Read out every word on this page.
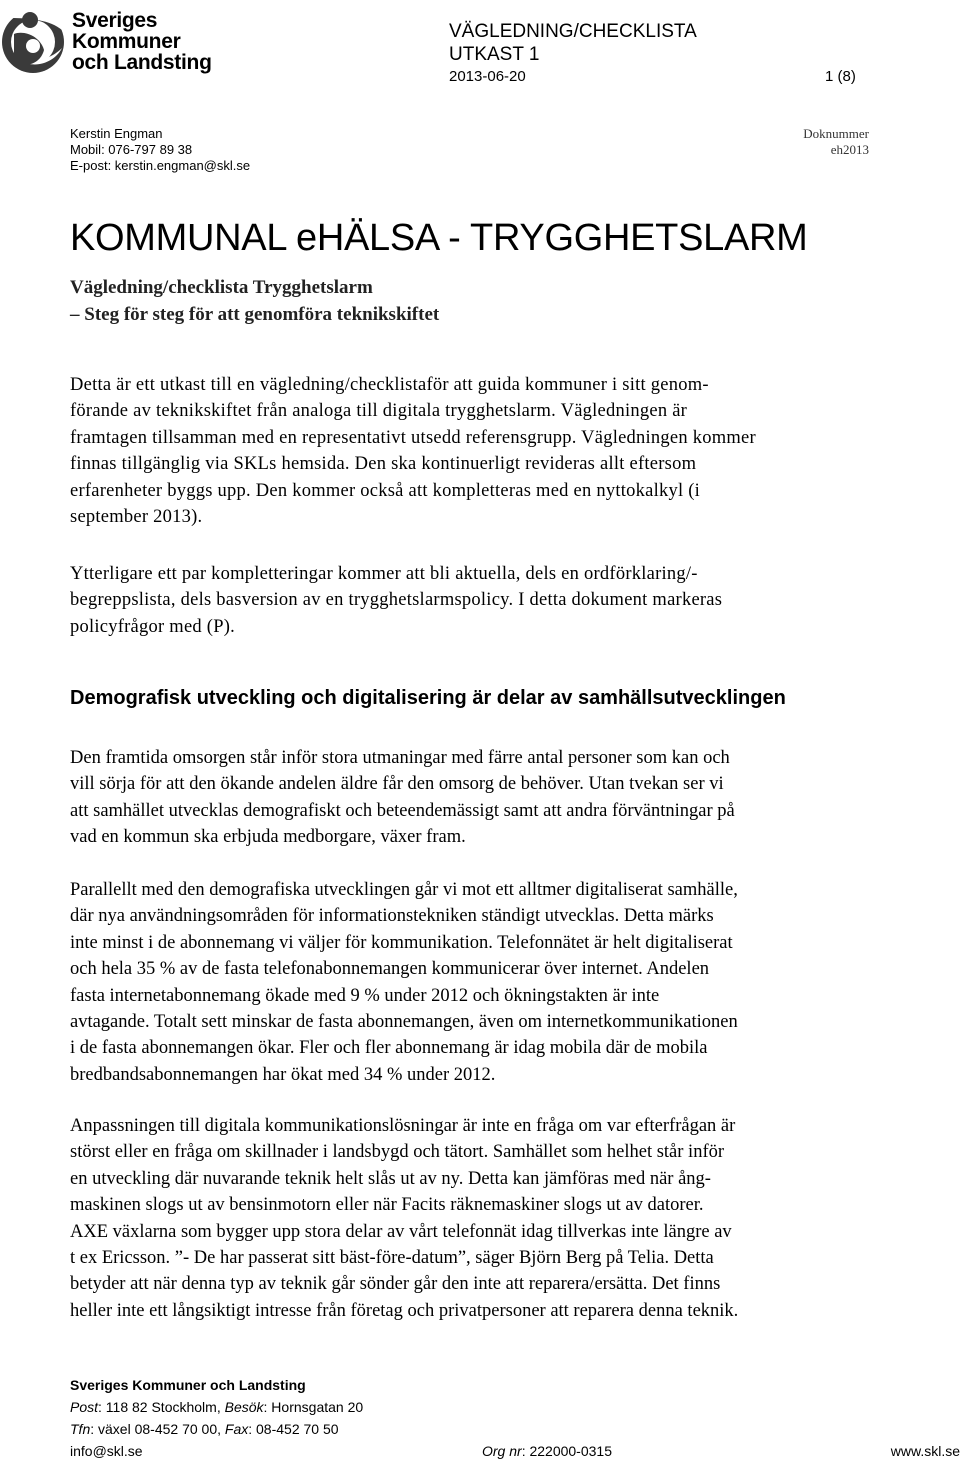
Sveriges
Kommuner
och Landsting
VÄGLEDNING/CHECKLISTA
UTKAST 1
2013-06-20	1 (8)
Kerstin Engman
Mobil: 076-797 89 38
E-post: kerstin.engman@skl.se
Doknummer
eh2013
KOMMUNAL eHÄLSA - TRYGGHETSLARM
Vägledning/checklista Trygghetslarm
– Steg för steg för att genomföra teknikskiftet
Detta är ett utkast till en vägledning/checklistaför att guida kommuner i sitt genom-
förande av teknikskiftet från analoga till digitala trygghetslarm. Vägledningen är
framtagen tillsamman med en representativt utsedd referensgrupp. Vägledningen kommer
finnas tillgänglig via SKLs hemsida. Den ska kontinuerligt revideras allt eftersom
erfarenheter byggs upp. Den kommer också att kompletteras med en nyttokalkyl (i
september 2013).
Ytterligare ett par kompletteringar kommer att bli aktuella, dels en ordförklaring/-
begreppslista, dels basversion av en trygghetslarmspolicy. I detta dokument markeras
policyfrågor med (P).
Demografisk utveckling och digitalisering är delar av samhällsutvecklingen
Den framtida omsorgen står inför stora utmaningar med färre antal personer som kan och
vill sörja för att den ökande andelen äldre får den omsorg de behöver. Utan tvekan ser vi
att samhället utvecklas demografiskt och beteendemässigt samt att andra förväntningar på
vad en kommun ska erbjuda medborgare, växer fram.
Parallellt med den demografiska utvecklingen går vi mot ett alltmer digitaliserat samhälle,
där nya användningsområden för informationstekniken ständigt utvecklas. Detta märks
inte minst i de abonnemang vi väljer för kommunikation. Telefonnätet är helt digitaliserat
och hela 35 % av de fasta telefonabonnemangen kommunicerar över internet. Andelen
fasta internetabonnemang ökade med 9 % under 2012 och ökningstakten är inte
avtagande. Totalt sett minskar de fasta abonnemangen, även om internetkommunikationen
i de fasta abonnemangen ökar. Fler och fler abonnemang är idag mobila där de mobila
bredbandsabonnemangen har ökat med 34 % under 2012.
Anpassningen till digitala kommunikationslösningar är inte en fråga om var efterfrågan är
störst eller en fråga om skillnader i landsbygd och tätort. Samhället som helhet står inför
en utveckling där nuvarande teknik helt slås ut av ny. Detta kan jämföras med när ång-
maskinen slogs ut av bensinmotorn eller när Facits räknemaskiner slogs ut av datorer.
AXE växlarna som bygger upp stora delar av vårt telefonnät idag tillverkas inte längre av
t ex Ericsson. ”- De har passerat sitt bäst-före-datum”, säger Björn Berg på Telia. Detta
betyder att när denna typ av teknik går sönder går den inte att reparera/ersätta. Det finns
heller inte ett långsiktigt intresse från företag och privatpersoner att reparera denna teknik.
Sveriges Kommuner och Landsting
Post: 118 82 Stockholm, Besök: Hornsgatan 20
Tfn: växel 08-452 70 00, Fax: 08-452 70 50
info@skl.se	Org nr: 222000-0315	www.skl.se
